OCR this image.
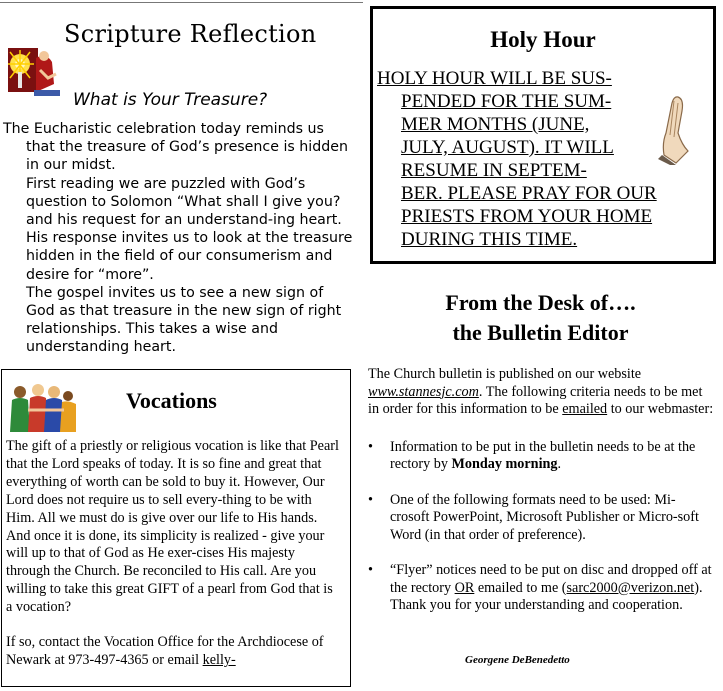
Scripture Reflection
What is Your Treasure?

The Eucharistic celebration today reminds us that the treasure of God’s presence is hidden in our midst.

First reading we are puzzled with God’s question to Solomon “What shall I give you? and his request for an understand-ing heart. His response invites us to look at the treasure hidden in the field of our consumerism and desire for “more”.

The gospel invites us to see a new sign of God as that treasure in the new sign of right relationships. This takes a wise and understanding heart.

Holy Hour
HOLY HOUR WILL BE SUS-
PENDED FOR THE SUM-
MER MONTHS (JUNE,
JULY, AUGUST). IT WILL
RESUME IN SEPTEM-
BER. PLEASE PRAY FOR OUR
PRIESTS FROM YOUR HOME
DURING THIS TIME.
From the Desk of….
the Bulletin Editor
The Church bulletin is published on our website www.stannesjc.com. The following criteria needs to be met in order for this information to be emailed to our webmaster:
• Information to be put in the bulletin needs to be at the rectory by Monday morning.
• One of the following formats need to be used: Mi-crosoft PowerPoint, Microsoft Publisher or Micro-soft Word (in that order of preference).
• “Flyer” notices need to be put on disc and dropped off at the rectory OR emailed to me (sarc2000@verizon.net).
Thank you for your understanding and cooperation.
Georgene DeBenedetto
Vocations

The gift of a priestly or religious vocation is like that Pearl that the Lord speaks of today. It is so fine and great that everything of worth can be sold to buy it. However, Our Lord does not require us to sell every-thing to be with Him. All we must do is give over our life to His hands. And once it is done, its simplicity is realized - give your will up to that of God as He exer-cises His majesty through the Church. Be reconciled to His call. Are you willing to take this great GIFT of a pearl from God that is a vocation?

If so, contact the Vocation Office for the Archdiocese of Newark at 973-497-4365 or email kelly-
